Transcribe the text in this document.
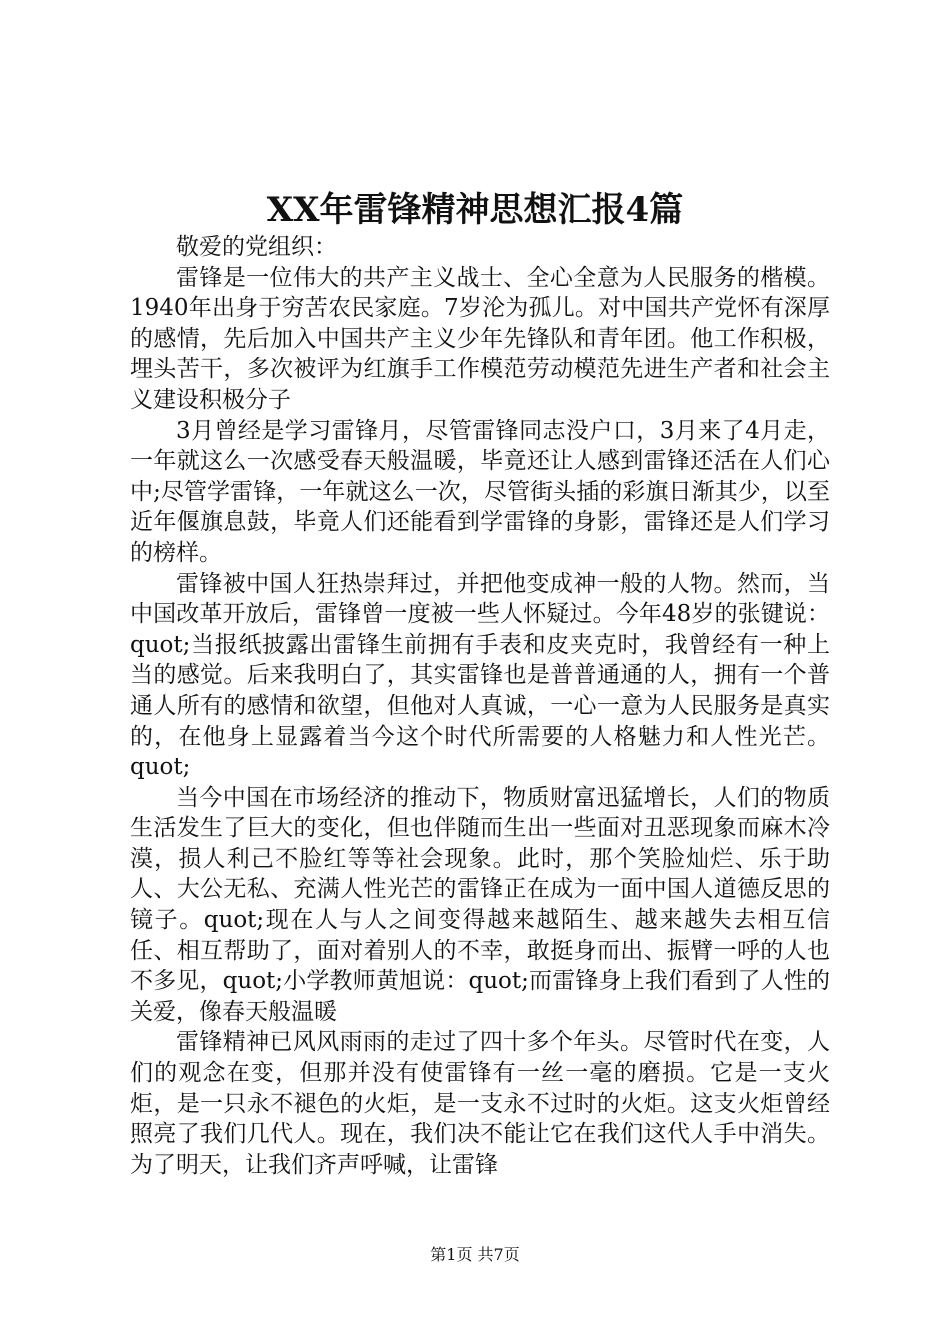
XX年雷锋精神思想汇报4篇

敬爱的党组织：

雷锋是一位伟大的共产主义战士、全心全意为人民服务的楷模。1940年出身于穷苦农民家庭。7岁沦为孤儿。对中国共产党怀有深厚的感情，先后加入中国共产主义少年先锋队和青年团。他工作积极，埋头苦干，多次被评为红旗手工作模范劳动模范先进生产者和社会主义建设积极分子

3月曾经是学习雷锋月，尽管雷锋同志没户口，3月来了4月走，一年就这么一次感受春天般温暖，毕竟还让人感到雷锋还活在人们心中;尽管学雷锋，一年就这么一次，尽管街头插的彩旗日渐其少，以至近年偃旗息鼓，毕竟人们还能看到学雷锋的身影，雷锋还是人们学习的榜样。

雷锋被中国人狂热崇拜过，并把他变成神一般的人物。然而，当中国改革开放后，雷锋曾一度被一些人怀疑过。今年48岁的张键说：quot;当报纸披露出雷锋生前拥有手表和皮夹克时，我曾经有一种上当的感觉。后来我明白了，其实雷锋也是普普通通的人，拥有一个普通人所有的感情和欲望，但他对人真诚，一心一意为人民服务是真实的，在他身上显露着当今这个时代所需要的人格魅力和人性光芒。quot;

当今中国在市场经济的推动下，物质财富迅猛增长，人们的物质生活发生了巨大的变化，但也伴随而生出一些面对丑恶现象而麻木冷漠，损人利己不脸红等等社会现象。此时，那个笑脸灿烂、乐于助人、大公无私、充满人性光芒的雷锋正在成为一面中国人道德反思的镜子。quot;现在人与人之间变得越来越陌生、越来越失去相互信任、相互帮助了，面对着别人的不幸，敢挺身而出、振臂一呼的人也不多见，quot;小学教师黄旭说：quot;而雷锋身上我们看到了人性的关爱，像春天般温暖

雷锋精神已风风雨雨的走过了四十多个年头。尽管时代在变，人们的观念在变，但那并没有使雷锋有一丝一毫的磨损。它是一支火炬，是一只永不褪色的火炬，是一支永不过时的火炬。这支火炬曾经照亮了我们几代人。现在，我们决不能让它在我们这代人手中消失。为了明天，让我们齐声呼喊，让雷锋

第1页 共7页
